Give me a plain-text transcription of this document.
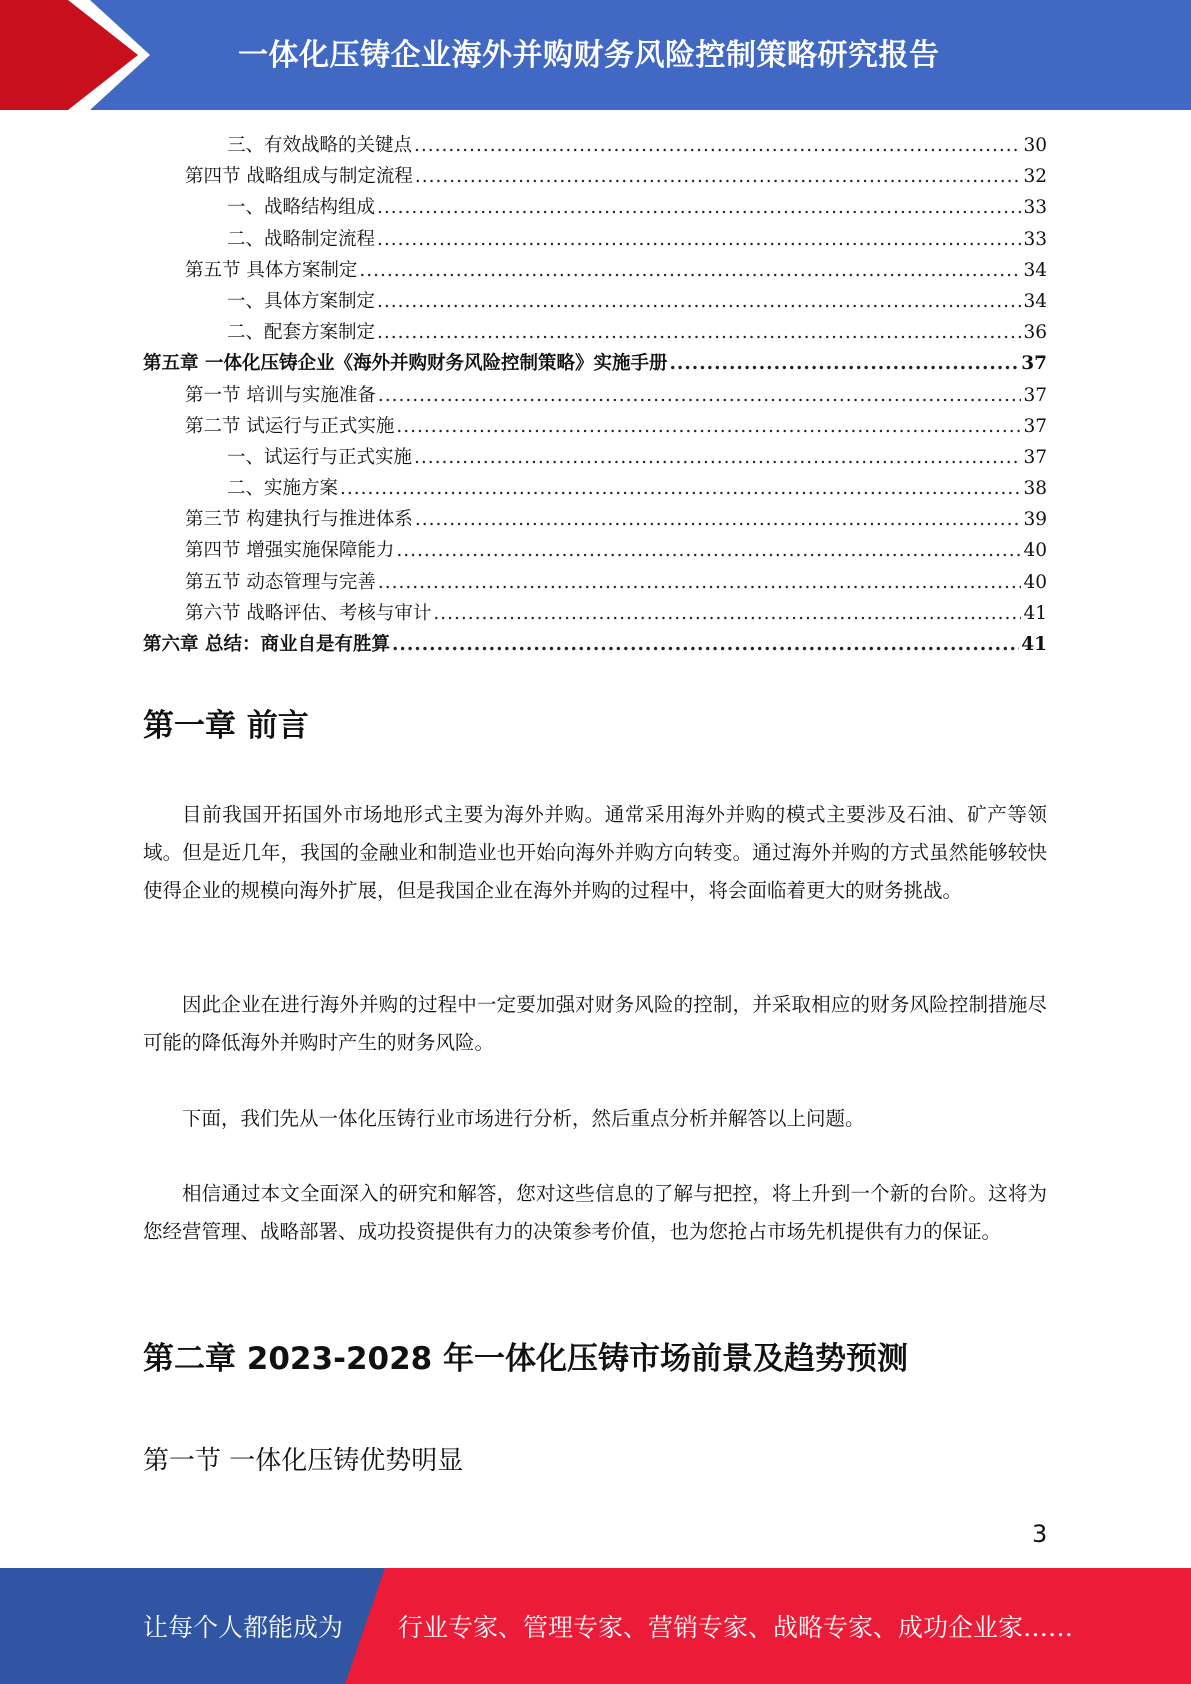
一体化压铸企业海外并购财务风险控制策略研究报告
三、有效战略的关键点 .....	30
第四节 战略组成与制定流程 .....	32
一、战略结构组成 .....	33
二、战略制定流程 .....	33
第五节 具体方案制定 .....	34
一、具体方案制定 .....	34
二、配套方案制定 .....	36
第五章 一体化压铸企业《海外并购财务风险控制策略》实施手册 .....	37
第一节 培训与实施准备 .....	37
第二节 试运行与正式实施 .....	37
一、试运行与正式实施 .....	37
二、实施方案 .....	38
第三节 构建执行与推进体系 .....	39
第四节 增强实施保障能力 .....	40
第五节 动态管理与完善 .....	40
第六节 战略评估、考核与审计 .....	41
第六章 总结：商业自是有胜算 .....	41
第一章 前言
目前我国开拓国外市场地形式主要为海外并购。通常采用海外并购的模式主要涉及石油、矿产等领域。但是近几年，我国的金融业和制造业也开始向海外并购方向转变。通过海外并购的方式虽然能够较快使得企业的规模向海外扩展，但是我国企业在海外并购的过程中，将会面临着更大的财务挑战。
因此企业在进行海外并购的过程中一定要加强对财务风险的控制，并采取相应的财务风险控制措施尽可能的降低海外并购时产生的财务风险。
下面，我们先从一体化压铸行业市场进行分析，然后重点分析并解答以上问题。
相信通过本文全面深入的研究和解答，您对这些信息的了解与把控，将上升到一个新的台阶。这将为您经营管理、战略部署、成功投资提供有力的决策参考价值，也为您抢占市场先机提供有力的保证。
第二章 2023-2028 年一体化压铸市场前景及趋势预测
第一节 一体化压铸优势明显
3
让每个人都能成为 行业专家、管理专家、营销专家、战略专家、成功企业家……
